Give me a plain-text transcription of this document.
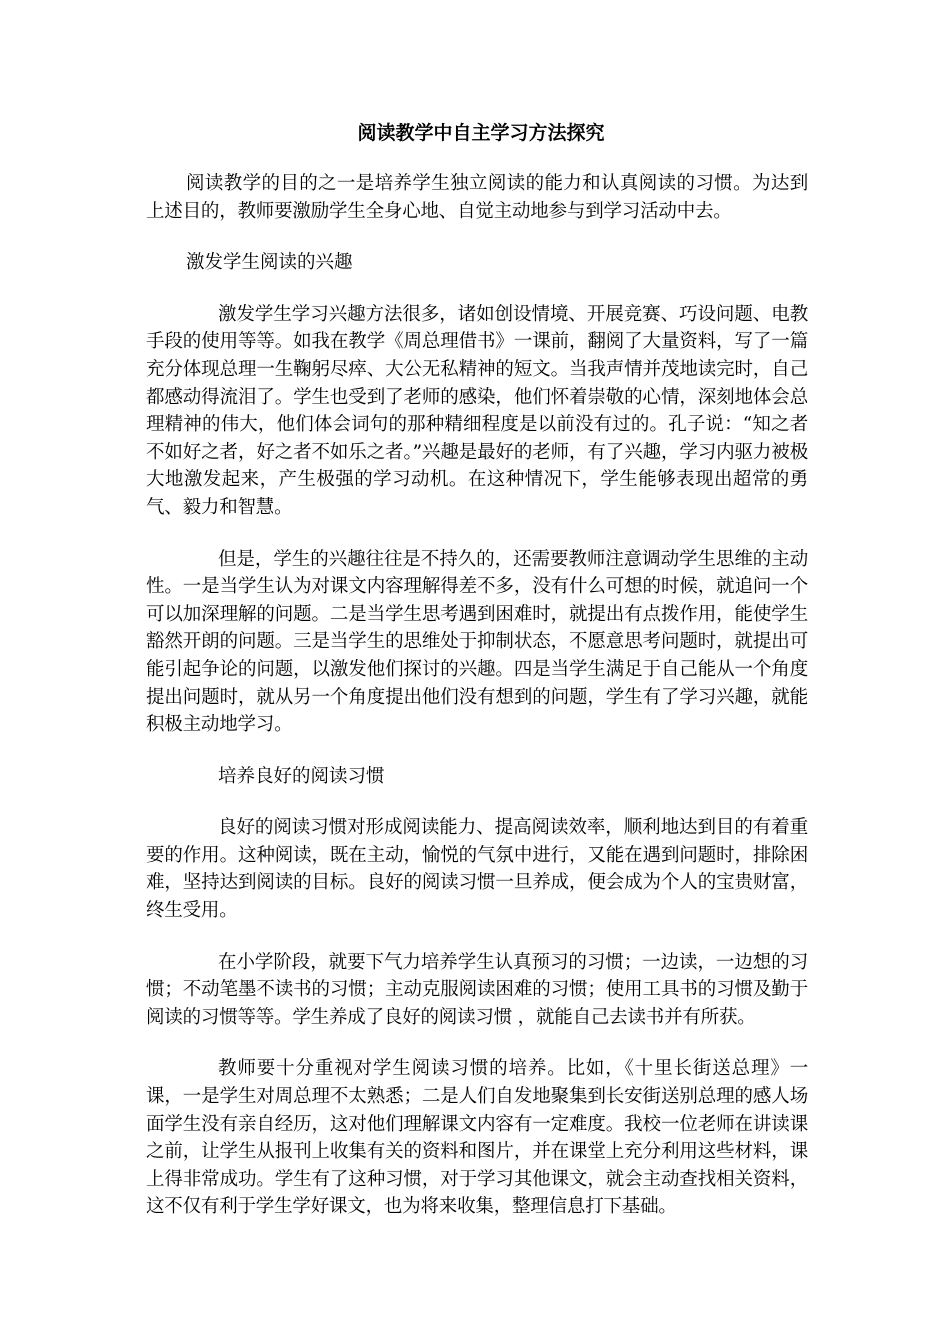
阅读教学中自主学习方法探究

阅读教学的目的之一是培养学生独立阅读的能力和认真阅读的习惯。为达到上述目的，教师要激励学生全身心地、自觉主动地参与到学习活动中去。

激发学生阅读的兴趣

激发学生学习兴趣方法很多，诸如创设情境、开展竞赛、巧设问题、电教手段的使用等等。如我在教学《周总理借书》一课前，翻阅了大量资料，写了一篇充分体现总理一生鞠躬尽瘁、大公无私精神的短文。当我声情并茂地读完时，自己都感动得流泪了。学生也受到了老师的感染，他们怀着崇敬的心情，深刻地体会总理精神的伟大，他们体会词句的那种精细程度是以前没有过的。孔子说：“知之者不如好之者，好之者不如乐之者。”兴趣是最好的老师，有了兴趣，学习内驱力被极大地激发起来，产生极强的学习动机。在这种情况下，学生能够表现出超常的勇气、毅力和智慧。

但是，学生的兴趣往往是不持久的，还需要教师注意调动学生思维的主动性。一是当学生认为对课文内容理解得差不多，没有什么可想的时候，就追问一个可以加深理解的问题。二是当学生思考遇到困难时，就提出有点拨作用，能使学生豁然开朗的问题。三是当学生的思维处于抑制状态，不愿意思考问题时，就提出可能引起争论的问题，以激发他们探讨的兴趣。四是当学生满足于自己能从一个角度提出问题时，就从另一个角度提出他们没有想到的问题，学生有了学习兴趣，就能积极主动地学习。

培养良好的阅读习惯

良好的阅读习惯对形成阅读能力、提高阅读效率，顺利地达到目的有着重要的作用。这种阅读，既在主动，愉悦的气氛中进行，又能在遇到问题时，排除困难，坚持达到阅读的目标。良好的阅读习惯一旦养成，便会成为个人的宝贵财富，终生受用。

在小学阶段，就要下气力培养学生认真预习的习惯；一边读，一边想的习惯；不动笔墨不读书的习惯；主动克服阅读困难的习惯；使用工具书的习惯及勤于阅读的习惯等等。学生养成了良好的阅读习惯 ，就能自己去读书并有所获。

教师要十分重视对学生阅读习惯的培养。比如，《十里长街送总理》一课，一是学生对周总理不太熟悉；二是人们自发地聚集到长安街送别总理的感人场面学生没有亲自经历，这对他们理解课文内容有一定难度。我校一位老师在讲读课之前，让学生从报刊上收集有关的资料和图片，并在课堂上充分利用这些材料，课上得非常成功。学生有了这种习惯，对于学习其他课文，就会主动查找相关资料，这不仅有利于学生学好课文，也为将来收集，整理信息打下基础。
